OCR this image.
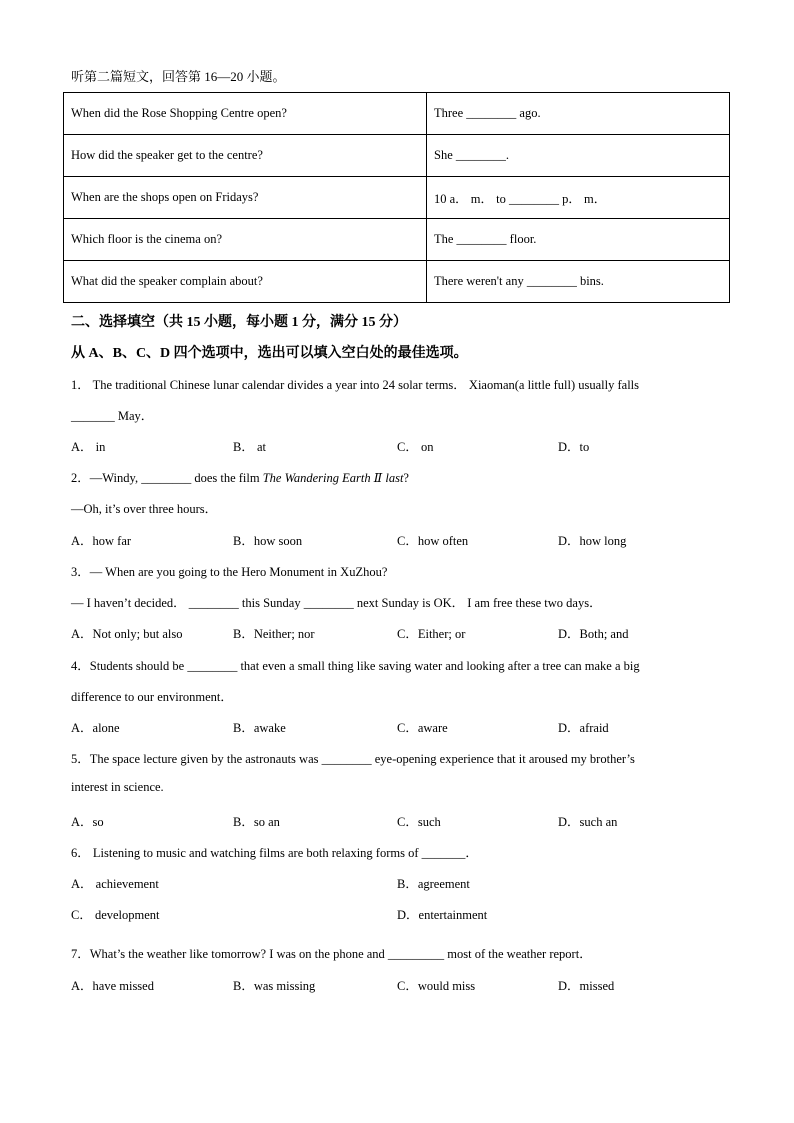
听第二篇短文，回答第 16—20 小题。
When did the Rose Shopping Centre open?	Three ________ ago.
How did the speaker get to the centre?	She ________.
When are the shops open on Fridays?	10 a． m． to ________ p． m．
Which floor is the cinema on?	The ________ floor.
What did the speaker complain about?	There weren't any ________ bins.
二、选择填空（共 15 小题，每小题 1 分，满分 15 分）
从 A、B、C、D 四个选项中，选出可以填入空白处的最佳选项。
1． The traditional Chinese lunar calendar divides a year into 24 solar terms． Xiaoman(a little full) usually falls
_______ May．
A． in	B． at	C． on	D．to
2．—Windy, ________ does the film The Wandering Earth Ⅱ last?
—Oh, it’s over three hours．
A．how far	B．how soon	C．how often	D．how long
3．— When are you going to the Hero Monument in XuZhou?
— I haven’t decided． ________ this Sunday ________ next Sunday is OK． I am free these two days．
A．Not only; but also	B．Neither; nor	C．Either; or	D．Both; and
4．Students should be ________ that even a small thing like saving water and looking after a tree can make a big
difference to our environment．
A．alone	B．awake	C．aware	D．afraid
5．The space lecture given by the astronauts was ________ eye-opening experience that it aroused my brother’s
interest in science.
A．so	B．so an	C．such	D．such an
6． Listening to music and watching films are both relaxing forms of _______．
A． achievement	B．agreement
C． development	D．entertainment
7．What’s the weather like tomorrow? I was on the phone and _________ most of the weather report．
A．have missed	B．was missing	C．would miss	D．missed
